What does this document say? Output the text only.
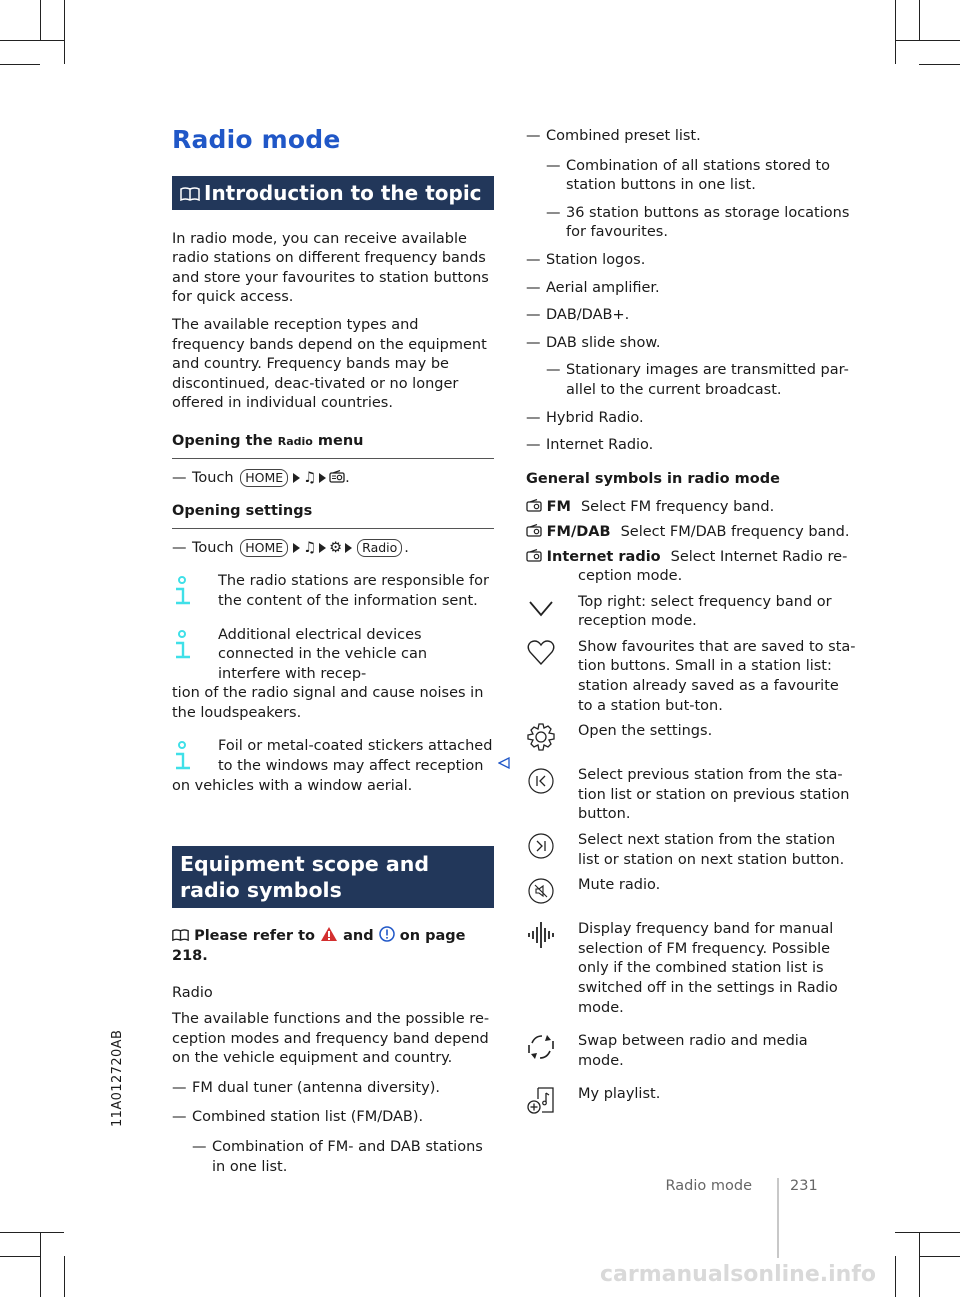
11A012720AB
Radio mode
Introduction to the topic

In radio mode, you can receive available radio stations on different frequency bands and store your favourites to station buttons for quick access.

The available reception types and frequency bands depend on the equipment and country. Frequency bands may be discontinued, deac-tivated or no longer offered in individual countries.

Opening the Radio menu
— Touch HOME ♫ .
Opening settings
— Touch HOME ♫ ⚙ Radio .

The radio stations are responsible for the content of the information sent.

Additional electrical devices connected in the vehicle can interfere with recep-

tion of the radio signal and cause noises in the loudspeakers.

Foil or metal-coated stickers attached to the windows may affect reception

on vehicles with a window aerial.

Equipment scope and radio symbols
Please refer to and on page 218.

Radio

The available functions and the possible re-ception modes and frequency band depend on the vehicle equipment and country.

— FM dual tuner (antenna diversity).
— Combined station list (FM/DAB).
— Combination of FM- and DAB stations in one list.
— Combined preset list.
— Combination of all stations stored to station buttons in one list.
— 36 station buttons as storage locations for favourites.
— Station logos.
— Aerial amplifier.
— DAB/DAB+.
— DAB slide show.
— Stationary images are transmitted par-allel to the current broadcast.
— Hybrid Radio.
— Internet Radio.

General symbols in radio mode

FM Select FM frequency band.
FM/DAB Select FM/DAB frequency band.
Internet radio Select Internet Radio re-ception mode.

Top right: select frequency band or reception mode.

Show favourites that are saved to sta-tion buttons. Small in a station list: station already saved as a favourite to a station but-ton.

Open the settings.

Select previous station from the sta-tion list or station on previous station button.

Select next station from the station list or station on next station button.

Mute radio.

Display frequency band for manual selection of FM frequency. Possible only if the combined station list is switched off in the settings in Radio mode.

Swap between radio and media mode.

My playlist.

Radio mode	231
carmanualsonline.info
